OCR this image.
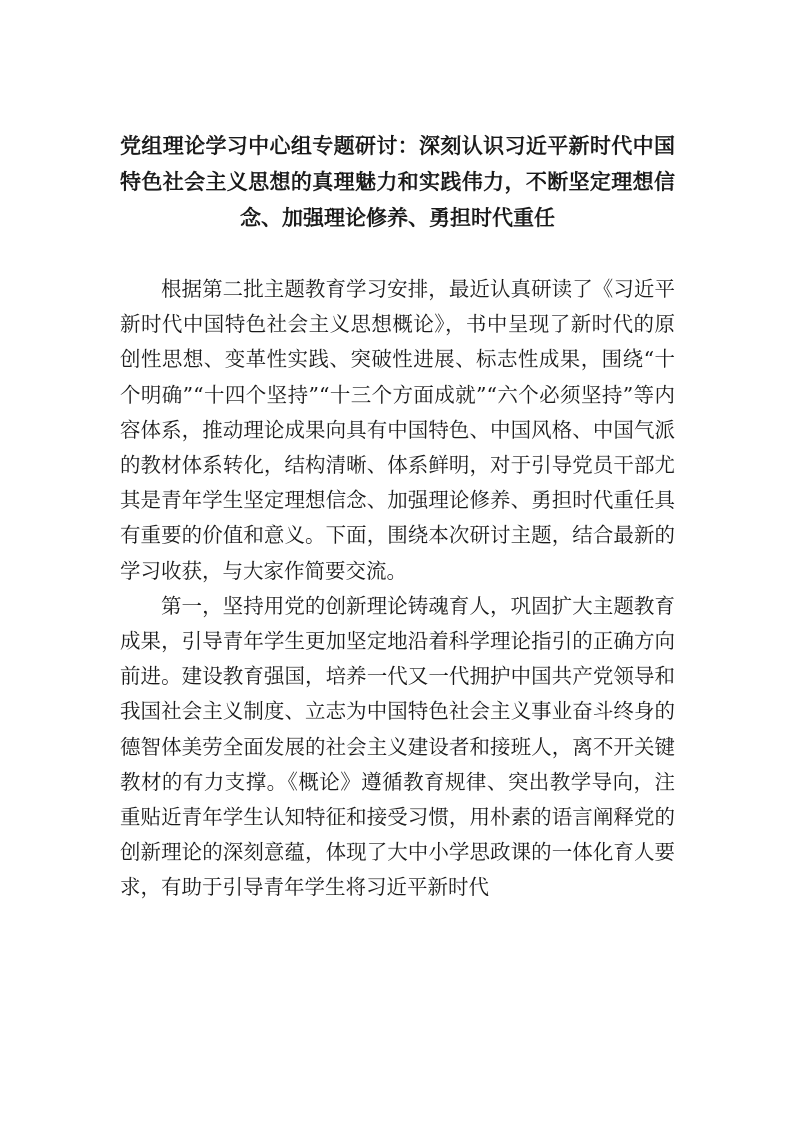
党组理论学习中心组专题研讨：深刻认识习近平新时代中国特色社会主义思想的真理魅力和实践伟力，不断坚定理想信念、加强理论修养、勇担时代重任

根据第二批主题教育学习安排，最近认真研读了《习近平新时代中国特色社会主义思想概论》，书中呈现了新时代的原创性思想、变革性实践、突破性进展、标志性成果，围绕“十个明确”“十四个坚持”“十三个方面成就”“六个必须坚持”等内容体系，推动理论成果向具有中国特色、中国风格、中国气派的教材体系转化，结构清晰、体系鲜明，对于引导党员干部尤其是青年学生坚定理想信念、加强理论修养、勇担时代重任具有重要的价值和意义。下面，围绕本次研讨主题，结合最新的学习收获，与大家作简要交流。

第一，坚持用党的创新理论铸魂育人，巩固扩大主题教育成果，引导青年学生更加坚定地沿着科学理论指引的正确方向前进。建设教育强国，培养一代又一代拥护中国共产党领导和我国社会主义制度、立志为中国特色社会主义事业奋斗终身的德智体美劳全面发展的社会主义建设者和接班人，离不开关键教材的有力支撑。《概论》遵循教育规律、突出教学导向，注重贴近青年学生认知特征和接受习惯，用朴素的语言阐释党的创新理论的深刻意蕴，体现了大中小学思政课的一体化育人要求，有助于引导青年学生将习近平新时代
